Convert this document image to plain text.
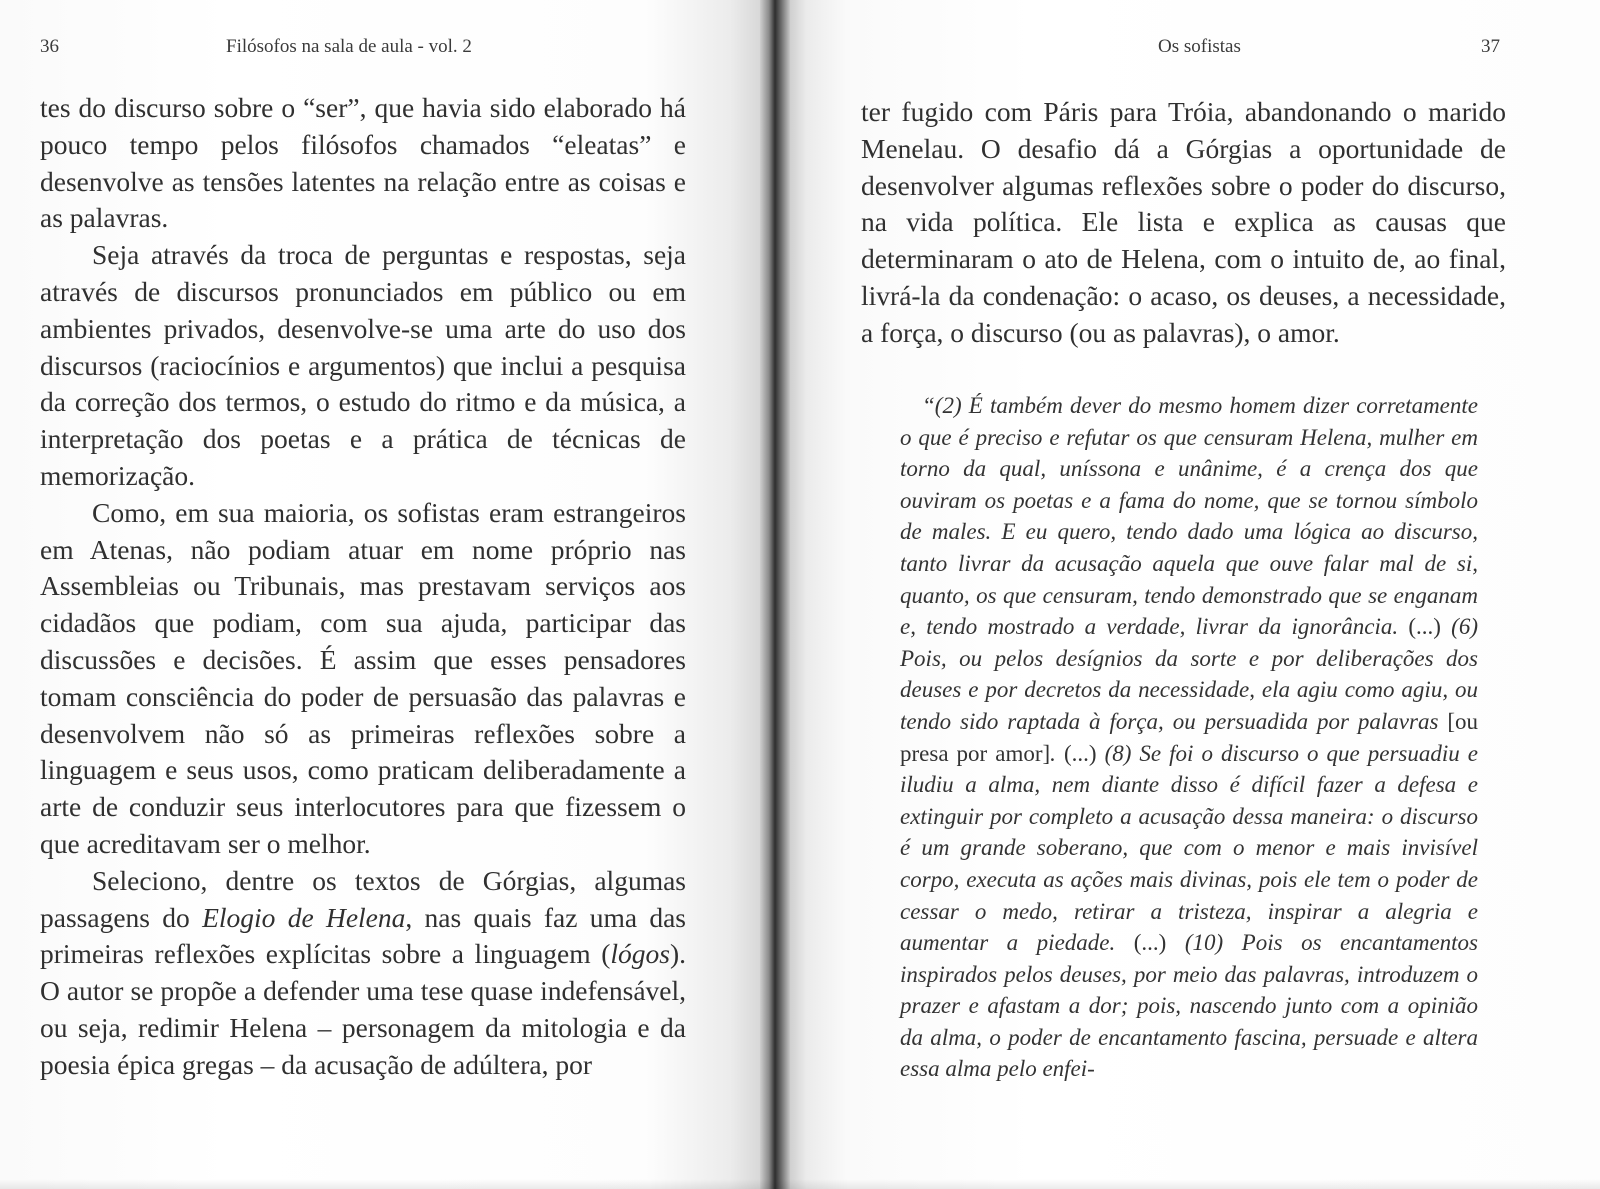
36	Filósofos na sala de aula - vol. 2

tes do discurso sobre o “ser”, que havia sido elaborado há pouco tempo pelos filósofos chamados “eleatas” e desenvolve as tensões latentes na relação entre as coisas e as palavras.

Seja através da troca de perguntas e respostas, seja através de discursos pronunciados em público ou em ambientes privados, desenvolve-se uma arte do uso dos discursos (raciocínios e argumentos) que inclui a pesquisa da correção dos termos, o estudo do ritmo e da música, a interpretação dos poetas e a prática de técnicas de memorização.

Como, em sua maioria, os sofistas eram estrangeiros em Atenas, não podiam atuar em nome próprio nas Assembleias ou Tribunais, mas prestavam serviços aos cidadãos que podiam, com sua ajuda, participar das discussões e decisões. É assim que esses pensadores tomam consciência do poder de persuasão das palavras e desenvolvem não só as primeiras reflexões sobre a linguagem e seus usos, como praticam deliberadamente a arte de conduzir seus interlocutores para que fizessem o que acreditavam ser o melhor.

Seleciono, dentre os textos de Górgias, algumas passagens do Elogio de Helena, nas quais faz uma das primeiras reflexões explícitas sobre a linguagem (lógos). O autor se propõe a defender uma tese quase indefensável, ou seja, redimir Helena – personagem da mitologia e da poesia épica gregas – da acusação de adúltera, por

Os sofistas	37

ter fugido com Páris para Tróia, abandonando o marido Menelau. O desafio dá a Górgias a oportunidade de desenvolver algumas reflexões sobre o poder do discurso, na vida política. Ele lista e explica as causas que determinaram o ato de Helena, com o intuito de, ao final, livrá-la da condenação: o acaso, os deuses, a necessidade, a força, o discurso (ou as palavras), o amor.

“(2) É também dever do mesmo homem dizer corretamente o que é preciso e refutar os que censuram Helena, mulher em torno da qual, uníssona e unânime, é a crença dos que ouviram os poetas e a fama do nome, que se tornou símbolo de males. E eu quero, tendo dado uma lógica ao discurso, tanto livrar da acusação aquela que ouve falar mal de si, quanto, os que censuram, tendo demonstrado que se enganam e, tendo mostrado a verdade, livrar da ignorância. (...) (6) Pois, ou pelos desígnios da sorte e por deliberações dos deuses e por decretos da necessidade, ela agiu como agiu, ou tendo sido raptada à força, ou persuadida por palavras [ou presa por amor]. (...) (8) Se foi o discurso o que persuadiu e iludiu a alma, nem diante disso é difícil fazer a defesa e extinguir por completo a acusação dessa maneira: o discurso é um grande soberano, que com o menor e mais invisível corpo, executa as ações mais divinas, pois ele tem o poder de cessar o medo, retirar a tristeza, inspirar a alegria e aumentar a piedade. (...) (10) Pois os encantamentos inspirados pelos deuses, por meio das palavras, introduzem o prazer e afastam a dor; pois, nascendo junto com a opinião da alma, o poder de encantamento fascina, persuade e altera essa alma pelo enfei-
